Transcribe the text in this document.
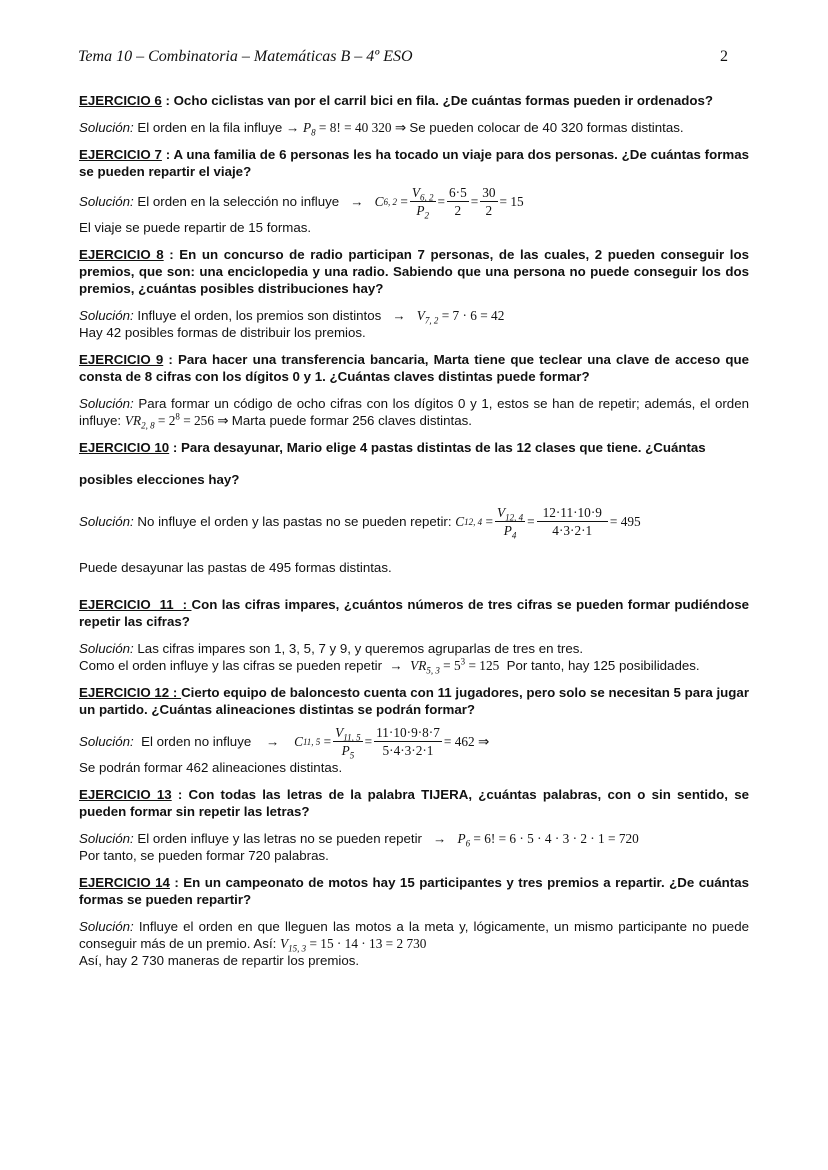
Tema 10 – Combinatoria – Matemáticas B – 4º ESO	2

EJERCICIO 6 : Ocho ciclistas van por el carril bici en fila. ¿De cuántas formas pueden ir ordenados?

Solución: El orden en la fila influye → $P_8 = 8$! = 40 320 ⇒ Se pueden colocar de 40 320 formas distintas.

EJERCICIO 7 : A una familia de 6 personas les ha tocado un viaje para dos personas. ¿De cuántas formas se pueden repartir el viaje?

Solución: El orden en la selección no influye   → C 6, $2 = \frac{V_{6, 2}}{P_2} = \frac{6\cdot 5}{2} = \frac{30}{2} = 15$

El viaje se puede repartir de 15 formas.

EJERCICIO 8 : En un concurso de radio participan 7 personas, de las cuales, 2 pueden conseguir los premios, que son: una enciclopedia y una radio. Sabiendo que una persona no puede conseguir los dos premios, ¿cuántas posibles distribuciones hay?

Solución: Influye el orden, los premios son distintos   →   $V_{7, 2} = 7 \cdot 6 = 42$

Hay 42 posibles formas de distribuir los premios.

EJERCICIO 9 : Para hacer una transferencia bancaria, Marta tiene que teclear una clave de acceso que consta de 8 cifras con los dígitos 0 y 1. ¿Cuántas claves distintas puede formar?

Solución: Para formar un código de ocho cifras con los dígitos 0 y 1, estos se han de repetir; además, el orden influye: $VR_{2, 8} = 2^8 = 256$ ⇒ Marta puede formar 256 claves distintas.

EJERCICIO 10 : Para desayunar, Mario elige 4 pastas distintas de las 12 clases que tiene. ¿Cuántas

posibles elecciones hay?

Solución: No influye el orden y las pastas no se pueden repetir: C 12, $4 = \frac{V_{12, 4}}{P_4} = \frac{12\cdot 11\cdot 10\cdot 9}{4\cdot 3\cdot 2\cdot 1} = 495$

Puede desayunar las pastas de 495 formas distintas.

EJERCICIO  11  : Con las cifras impares, ¿cuántos números de tres cifras se pueden formar pudiéndose repetir las cifras?

Solución: Las cifras impares son 1, 3, 5, 7 y 9, y queremos agruparlas de tres en tres.

Como el orden influye y las cifras se pueden repetir  →  $VR_{5, 3} = 5^3 = 125$  Por tanto, hay 125 posibilidades.

EJERCICIO 12 : Cierto equipo de baloncesto cuenta con 11 jugadores, pero solo se necesitan 5 para jugar un partido. ¿Cuántas alineaciones distintas se podrán formar?

Solución: El orden no influye    → C 11, $5 = \frac{V_{11, 5}}{P_5} = \frac{11\cdot 10\cdot 9\cdot 8\cdot 7}{5\cdot 4\cdot 3\cdot 2\cdot 1} = 462$ ⇒

Se podrán formar 462 alineaciones distintas.

EJERCICIO 13 : Con todas las letras de la palabra TIJERA, ¿cuántas palabras, con o sin sentido, se pueden formar sin repetir las letras?

Solución: El orden influye y las letras no se pueden repetir   →   $P_6 = 6$! = 6 · 5 · 4 · 3 · 2 · 1 = 720

Por tanto, se pueden formar 720 palabras.

EJERCICIO 14 : En un campeonato de motos hay 15 participantes y tres premios a repartir. ¿De cuántas formas se pueden repartir?

Solución: Influye el orden en que lleguen las motos a la meta y, lógicamente, un mismo participante no puede conseguir más de un premio. Así: $V_{15, 3} = 15 \cdot 14 \cdot 13 = 2$ 730

Así, hay 2 730 maneras de repartir los premios.
